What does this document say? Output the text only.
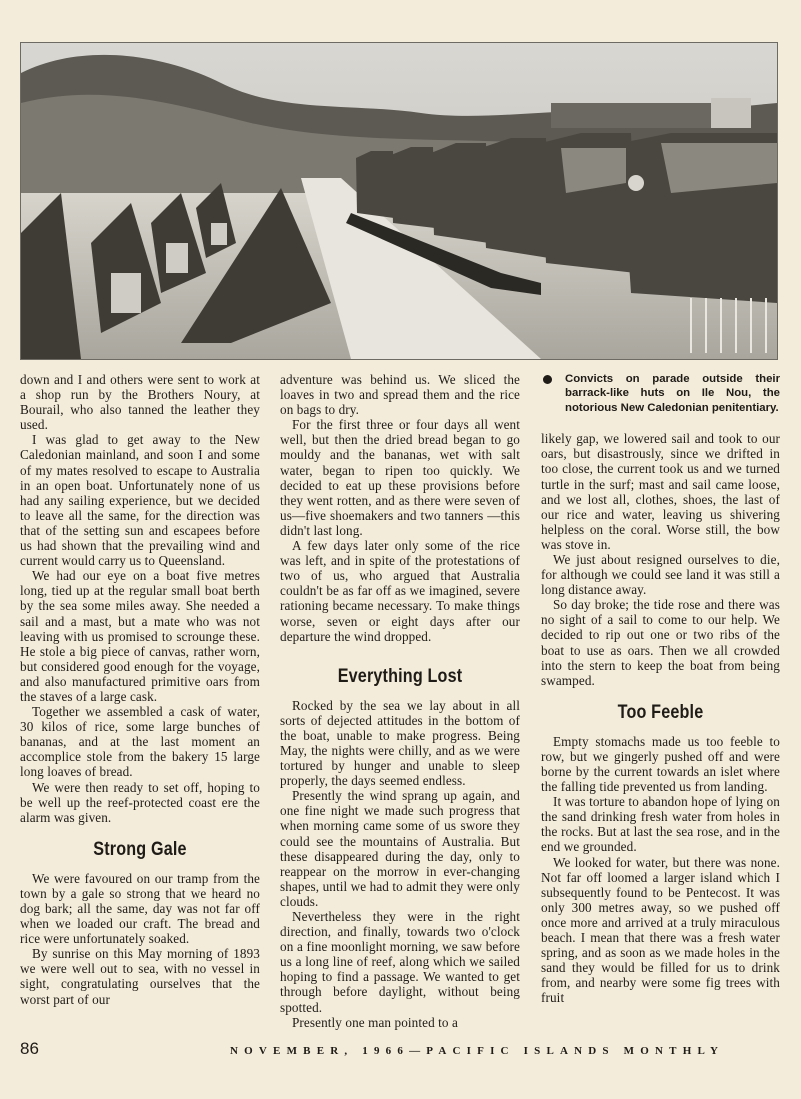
down and I and others were sent to work at a shop run by the Brothers Noury, at Bourail, who also tanned the leather they used.

I was glad to get away to the New Caledonian mainland, and soon I and some of my mates resolved to escape to Australia in an open boat. Unfortunately none of us had any sailing experience, but we decided to leave all the same, for the direction was that of the setting sun and escapees before us had shown that the prevailing wind and current would carry us to Queensland.

We had our eye on a boat five metres long, tied up at the regular small boat berth by the sea some miles away. She needed a sail and a mast, but a mate who was not leaving with us promised to scrounge these. He stole a big piece of canvas, rather worn, but considered good enough for the voyage, and also manufactured primitive oars from the staves of a large cask.

Together we assembled a cask of water, 30 kilos of rice, some large bunches of bananas, and at the last moment an accomplice stole from the bakery 15 large long loaves of bread.

We were then ready to set off, hoping to be well up the reef-protected coast ere the alarm was given.

Strong Gale

We were favoured on our tramp from the town by a gale so strong that we heard no dog bark; all the same, day was not far off when we loaded our craft. The bread and rice were unfortunately soaked.

By sunrise on this May morning of 1893 we were well out to sea, with no vessel in sight, congratulating ourselves that the worst part of our

adventure was behind us. We sliced the loaves in two and spread them and the rice on bags to dry.

For the first three or four days all went well, but then the dried bread began to go mouldy and the bananas, wet with salt water, began to ripen too quickly. We decided to eat up these provisions before they went rotten, and as there were seven of us—five shoemakers and two tanners —this didn't last long.

A few days later only some of the rice was left, and in spite of the protestations of two of us, who argued that Australia couldn't be as far off as we imagined, severe rationing became necessary. To make things worse, seven or eight days after our departure the wind dropped.

Everything Lost

Rocked by the sea we lay about in all sorts of dejected attitudes in the bottom of the boat, unable to make progress. Being May, the nights were chilly, and as we were tortured by hunger and unable to sleep properly, the days seemed endless.

Presently the wind sprang up again, and one fine night we made such progress that when morning came some of us swore they could see the mountains of Australia. But these disappeared during the day, only to reappear on the morrow in ever-changing shapes, until we had to admit they were only clouds.

Nevertheless they were in the right direction, and finally, towards two o'clock on a fine moonlight morning, we saw before us a long line of reef, along which we sailed hoping to find a passage. We wanted to get through before daylight, without being spotted.

Presently one man pointed to a

Convicts on parade outside their barrack-like huts on Ile Nou, the notorious New Caledonian penitentiary.

likely gap, we lowered sail and took to our oars, but disastrously, since we drifted in too close, the current took us and we turned turtle in the surf; mast and sail came loose, and we lost all, clothes, shoes, the last of our rice and water, leaving us shivering helpless on the coral. Worse still, the bow was stove in.

We just about resigned ourselves to die, for although we could see land it was still a long distance away.

So day broke; the tide rose and there was no sight of a sail to come to our help. We decided to rip out one or two ribs of the boat to use as oars. Then we all crowded into the stern to keep the boat from being swamped.

Too Feeble

Empty stomachs made us too feeble to row, but we gingerly pushed off and were borne by the current towards an islet where the falling tide prevented us from landing.

It was torture to abandon hope of lying on the sand drinking fresh water from holes in the rocks. But at last the sea rose, and in the end we grounded.

We looked for water, but there was none. Not far off loomed a larger island which I subsequently found to be Pentecost. It was only 300 metres away, so we pushed off once more and arrived at a truly miraculous beach. I mean that there was a fresh water spring, and as soon as we made holes in the sand they would be filled for us to drink from, and nearby were some fig trees with fruit

86	NOVEMBER, 1966—PACIFIC ISLANDS MONTHLY
